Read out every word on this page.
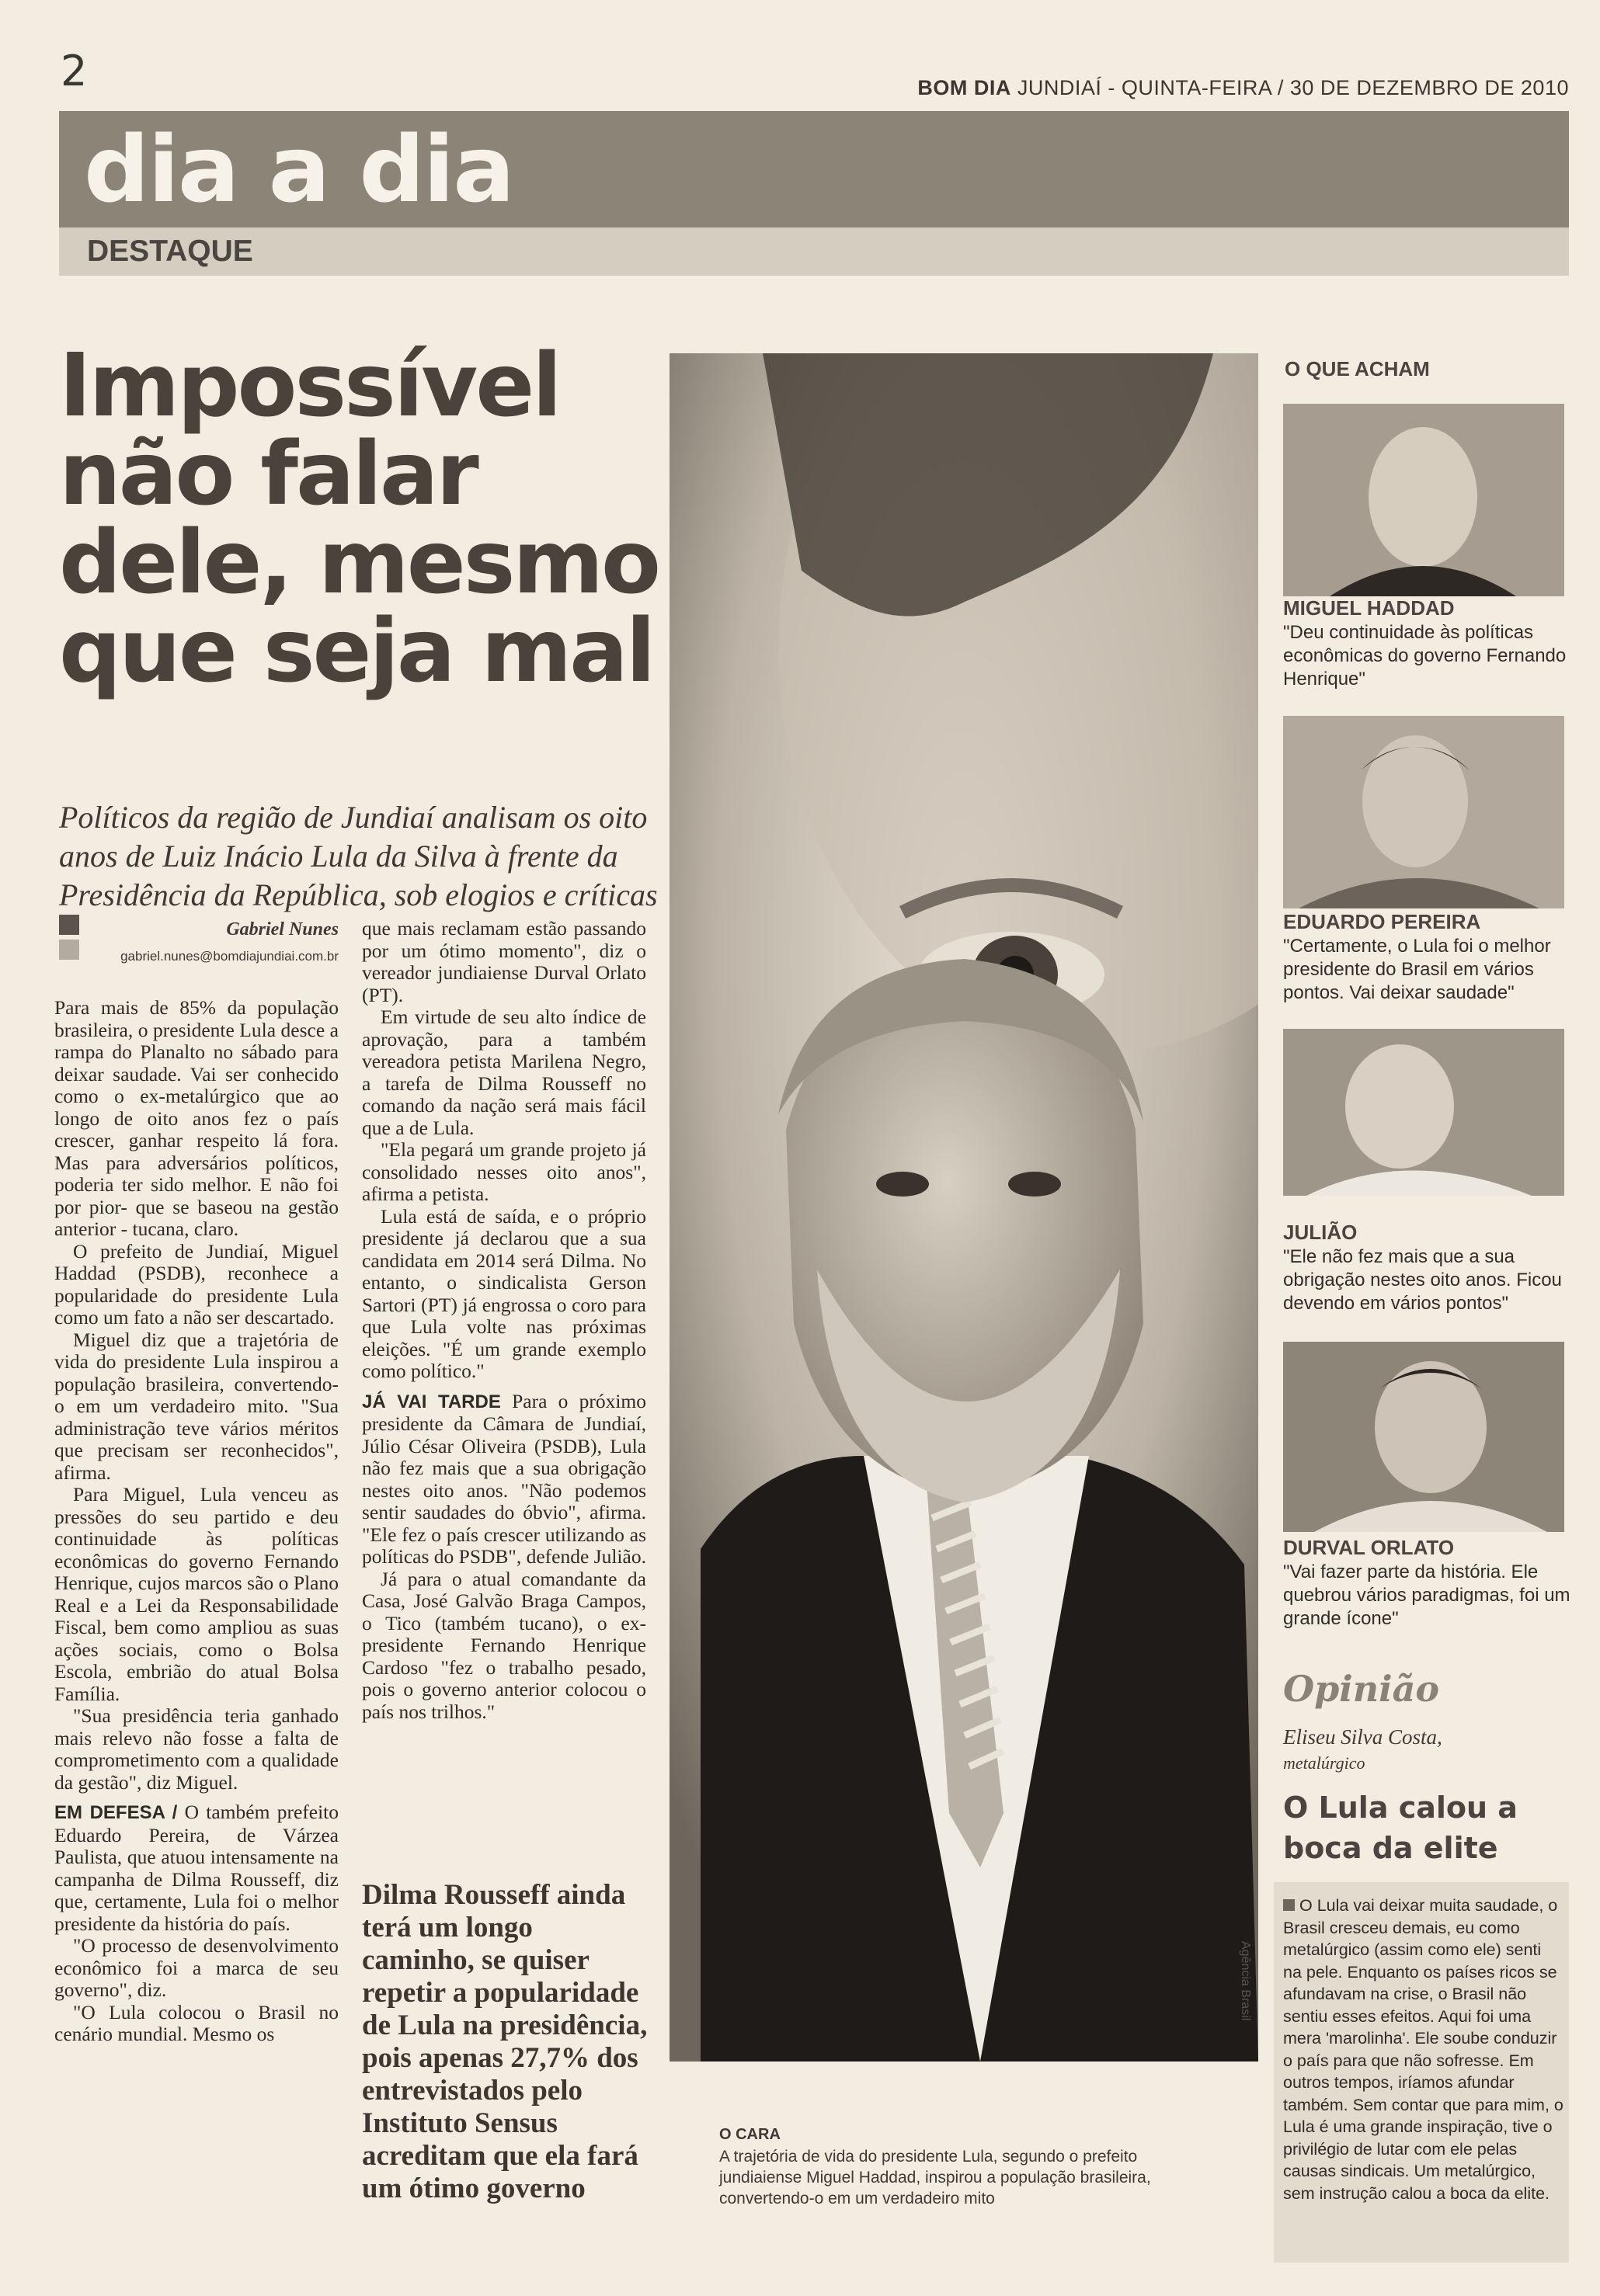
2	BOM DIA JUNDIAÍ - QUINTA-FEIRA / 30 DE DEZEMBRO DE 2010
dia a dia
DESTAQUE
Impossível não falar dele, mesmo que seja mal
Políticos da região de Jundiaí analisam os oito anos de Luiz Inácio Lula da Silva à frente da Presidência da República, sob elogios e críticas
Gabriel Nunes
gabriel.nunes@bomdiajundiai.com.br

Para mais de 85% da população brasileira, o presidente Lula desce a rampa do Planalto no sábado para deixar saudade. Vai ser conhecido como o ex-metalúrgico que ao longo de oito anos fez o país crescer, ganhar respeito lá fora. Mas para adversários políticos, poderia ter sido melhor. E não foi por pior- que se baseou na gestão anterior - tucana, claro.

O prefeito de Jundiaí, Miguel Haddad (PSDB), reconhece a popularidade do presidente Lula como um fato a não ser descartado.

Miguel diz que a trajetória de vida do presidente Lula inspirou a população brasileira, convertendo-o em um verdadeiro mito. "Sua administração teve vários méritos que precisam ser reconhecidos", afirma.

Para Miguel, Lula venceu as pressões do seu partido e deu continuidade às políticas econômicas do governo Fernando Henrique, cujos marcos são o Plano Real e a Lei da Responsabilidade Fiscal, bem como ampliou as suas ações sociais, como o Bolsa Escola, embrião do atual Bolsa Família.

"Sua presidência teria ganhado mais relevo não fosse a falta de comprometimento com a qualidade da gestão", diz Miguel.

EM DEFESA / O também prefeito Eduardo Pereira, de Várzea Paulista, que atuou intensamente na campanha de Dilma Rousseff, diz que, certamente, Lula foi o melhor presidente da história do país.

"O processo de desenvolvimento econômico foi a marca de seu governo", diz.

"O Lula colocou o Brasil no cenário mundial. Mesmo os

que mais reclamam estão passando por um ótimo momento", diz o vereador jundiaiense Durval Orlato (PT).

Em virtude de seu alto índice de aprovação, para a também vereadora petista Marilena Negro, a tarefa de Dilma Rousseff no comando da nação será mais fácil que a de Lula.

"Ela pegará um grande projeto já consolidado nesses oito anos", afirma a petista.

Lula está de saída, e o próprio presidente já declarou que a sua candidata em 2014 será Dilma. No entanto, o sindicalista Gerson Sartori (PT) já engrossa o coro para que Lula volte nas próximas eleições. "É um grande exemplo como político."

JÁ VAI TARDE Para o próximo presidente da Câmara de Jundiaí, Júlio César Oliveira (PSDB), Lula não fez mais que a sua obrigação nestes oito anos. "Não podemos sentir saudades do óbvio", afirma. "Ele fez o país crescer utilizando as políticas do PSDB", defende Julião.

Já para o atual comandante da Casa, José Galvão Braga Campos, o Tico (também tucano), o ex-presidente Fernando Henrique Cardoso "fez o trabalho pesado, pois o governo anterior colocou o país nos trilhos."

Dilma Rousseff ainda terá um longo caminho, se quiser repetir a popularidade de Lula na presidência, pois apenas 27,7% dos entrevistados pelo Instituto Sensus acreditam que ela fará um ótimo governo
Agência Brasil
O CARA
A trajetória de vida do presidente Lula, segundo o prefeito jundiaiense Miguel Haddad, inspirou a população brasileira, convertendo-o em um verdadeiro mito
O QUE ACHAM
MIGUEL HADDAD
"Deu continuidade às políticas econômicas do governo Fernando Henrique"
EDUARDO PEREIRA
"Certamente, o Lula foi o melhor presidente do Brasil em vários pontos. Vai deixar saudade"
JULIÃO
"Ele não fez mais que a sua obrigação nestes oito anos. Ficou devendo em vários pontos"
DURVAL ORLATO
"Vai fazer parte da história. Ele quebrou vários paradigmas, foi um grande ícone"
Opinião
Eliseu Silva Costa,
metalúrgico
O Lula calou a boca da elite
O Lula vai deixar muita saudade, o Brasil cresceu demais, eu como metalúrgico (assim como ele) senti na pele. Enquanto os países ricos se afundavam na crise, o Brasil não sentiu esses efeitos. Aqui foi uma mera 'marolinha'. Ele soube conduzir o país para que não sofresse. Em outros tempos, iríamos afundar também. Sem contar que para mim, o Lula é uma grande inspiração, tive o privilégio de lutar com ele pelas causas sindicais. Um metalúrgico, sem instrução calou a boca da elite.
